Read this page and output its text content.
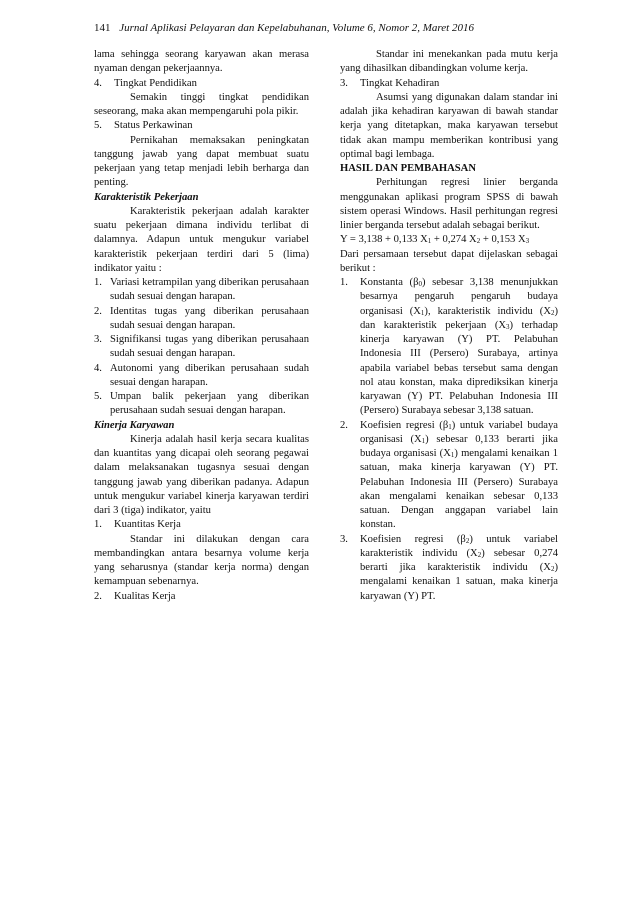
141 Jurnal Aplikasi Pelayaran dan Kepelabuhanan, Volume 6, Nomor 2, Maret 2016

lama sehingga seorang karyawan akan merasa nyaman dengan pekerjaannya.

4.	Tingkat Pendidikan

Semakin tinggi tingkat pendidikan seseorang, maka akan mempengaruhi pola pikir.

5.	Status Perkawinan

Pernikahan memaksakan peningkatan tanggung jawab yang dapat membuat suatu pekerjaan yang tetap menjadi lebih berharga dan penting.

Karakteristik Pekerjaan

Karakteristik pekerjaan adalah karakter suatu pekerjaan dimana individu terlibat di dalamnya. Adapun untuk mengukur variabel karakteristik pekerjaan terdiri dari 5 (lima) indikator yaitu :

1. Variasi ketrampilan yang diberikan perusahaan sudah sesuai dengan harapan.
2. Identitas tugas yang diberikan perusahaan sudah sesuai dengan harapan.
3. Signifikansi tugas yang diberikan perusahaan sudah sesuai dengan harapan.
4. Autonomi yang diberikan perusahaan sudah sesuai dengan harapan.
5. Umpan balik pekerjaan yang diberikan perusahaan sudah sesuai dengan harapan.

Kinerja Karyawan

Kinerja adalah hasil kerja secara kualitas dan kuantitas yang dicapai oleh seorang pegawai dalam melaksanakan tugasnya sesuai dengan tanggung jawab yang diberikan padanya. Adapun untuk mengukur variabel kinerja karyawan terdiri dari 3 (tiga) indikator, yaitu

1.	Kuantitas Kerja

Standar ini dilakukan dengan cara membandingkan antara besarnya volume kerja yang seharusnya (standar kerja norma) dengan kemampuan sebenarnya.

2.	Kualitas Kerja

Standar ini menekankan pada mutu kerja yang dihasilkan dibandingkan volume kerja.

3.	Tingkat Kehadiran

Asumsi yang digunakan dalam standar ini adalah jika kehadiran karyawan di bawah standar kerja yang ditetapkan, maka karyawan tersebut tidak akan mampu memberikan kontribusi yang optimal bagi lembaga.

HASIL DAN PEMBAHASAN

Perhitungan regresi linier berganda menggunakan aplikasi program SPSS di bawah sistem operasi Windows. Hasil perhitungan regresi linier berganda tersebut adalah sebagai berikut.

Y = 3,138 + 0,133 $X_1 + 0,274$ $X_2 + 0,153$ $X_3$

Dari persamaan tersebut dapat dijelaskan sebagai berikut :

1.	Konstanta $(\beta_0)$ sebesar 3,138 menunjukkan besarnya pengaruh pengaruh budaya organisasi $(X_1)$, karakteristik individu $(X_2)$ dan karakteristik pekerjaan $(X_3)$ terhadap kinerja karyawan (Y) PT. Pelabuhan Indonesia III (Persero) Surabaya, artinya apabila variabel bebas tersebut sama dengan nol atau konstan, maka diprediksikan kinerja karyawan (Y) PT. Pelabuhan Indonesia III (Persero) Surabaya sebesar 3,138 satuan.
2.	Koefisien regresi $(\beta_1)$ untuk variabel budaya organisasi $(X_1)$ sebesar 0,133 berarti jika budaya organisasi $(X_1)$ mengalami kenaikan 1 satuan, maka kinerja karyawan (Y) PT. Pelabuhan Indonesia III (Persero) Surabaya akan mengalami kenaikan sebesar 0,133 satuan. Dengan anggapan variabel lain konstan.
3.	Koefisien regresi $(\beta_2)$ untuk variabel karakteristik individu $(X_2)$ sebesar 0,274 berarti jika karakteristik individu $(X_2)$ mengalami kenaikan 1 satuan, maka kinerja karyawan (Y) PT.
